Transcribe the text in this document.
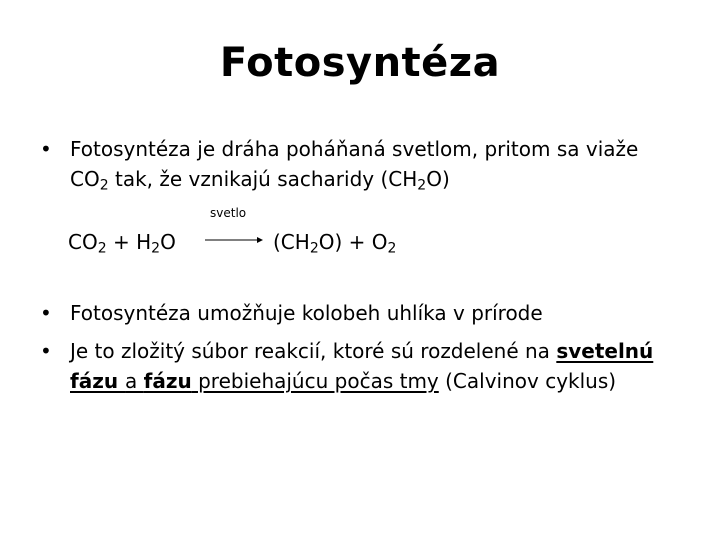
Fotosyntéza
• Fotosyntéza je dráha poháňaná svetlom, pritom sa viaže $CO_2$ tak, že vznikajú sacharidy $(CH_2O)$
$CO_2 + H_2O$
svetlo
→ $(CH_2O) + O_2$
• Fotosyntéza umožňuje kolobeh uhlíka v prírode
• Je to zložitý súbor reakcií, ktoré sú rozdelené na svetelnú fázu a fázu prebiehajúcu počas tmy (Calvinov cyklus)
